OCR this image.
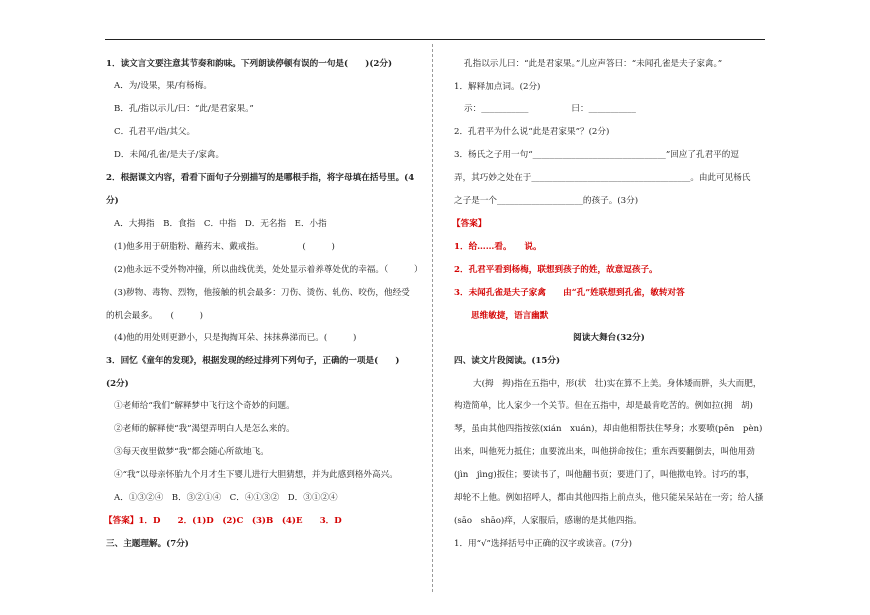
1．读文言文要注意其节奏和韵味。下列朗读停顿有误的一句是(　　)(2分)
A．为/设果，果/有杨梅。
B．孔/指以示儿/曰：“此/是君家果。”
C．孔君平/诣/其父。
D．未闻/孔雀/是夫子/家禽。
2．根据课文内容，看看下面句子分别描写的是哪根手指，将字母填在括号里。(4
分)
A．大拇指　B．食指　C．中指　D．无名指　E．小指
(1)他多用于研脂粉、蘸药末、戴戒指。　　　　　(　　　)
(2)他永远不受外物冲撞，所以曲线优美，处处显示着养尊处优的幸福。（　　　）
(3)秽物、毒物、烈物，他接触的机会最多：刀伤、烫伤、轧伤、咬伤，他经受
的机会最多。　　(　　　)
(4)他的用处则更渺小，只是掏掏耳朵、抹抹鼻涕而已。(　　　)
3．回忆《童年的发现》，根据发现的经过排列下列句子，正确的一项是(　　)
(2分)
①老师给“我们”解释梦中飞行这个奇妙的问题。
②老师的解释使“我”渴望弄明白人是怎么来的。
③每天夜里做梦“我”都会随心所欲地飞。
④“我”以母亲怀胎九个月才生下婴儿进行大胆猜想，并为此感到格外高兴。
A．①③②④　B．③②①④　C．④①③②　D．③①②④
【答案】1．D　　2．(1)D　(2)C　(3)B　(4)E　　3．D
三、主题理解。(7分)
孔指以示儿曰：“此是君家果。”儿应声答曰：“未闻孔雀是夫子家禽。”
1．解释加点词。(2分)
示：___________　　　　　曰：___________
2．孔君平为什么说“此是君家果”？(2分)
3．杨氏之子用一句“_______________________________”回应了孔君平的逗
弄，其巧妙之处在于_____________________________________。由此可见杨氏
之子是一个____________________的孩子。(3分)
【答案】
1．给……看。　　说。
2．孔君平看到杨梅，联想到孩子的姓，故意逗孩子。
3．未闻孔雀是夫子家禽　　由“孔”姓联想到孔雀，敏转对答
思维敏捷，语言幽默
阅读大舞台(32分)
四、读文片段阅读。(15分)
大(拇　拇)指在五指中，形(状　壮)实在算不上美。身体矮而胖，头大而肥，
构造简单，比人家少一个关节。但在五指中，却是最肯吃苦的。例如拉(拥　胡)
琴，虽由其他四指按弦(xián　xuán)，却由他相帮扶住琴身；水要喷(pēn　pèn)
出来，叫他死力抵住；血要流出来，叫他拼命按住；重东西要翻倒去，叫他用劲
(jìn　jìng)扳住；要读书了，叫他翻书页；要进门了，叫他揿电铃。讨巧的事，
却轮不上他。例如招呼人，都由其他四指上前点头，他只能呆呆站在一旁；给人搔
(sāo　shāo)痒，人家服后，感谢的是其他四指。
1．用“√”选择括号中正确的汉字或读音。(7分)
